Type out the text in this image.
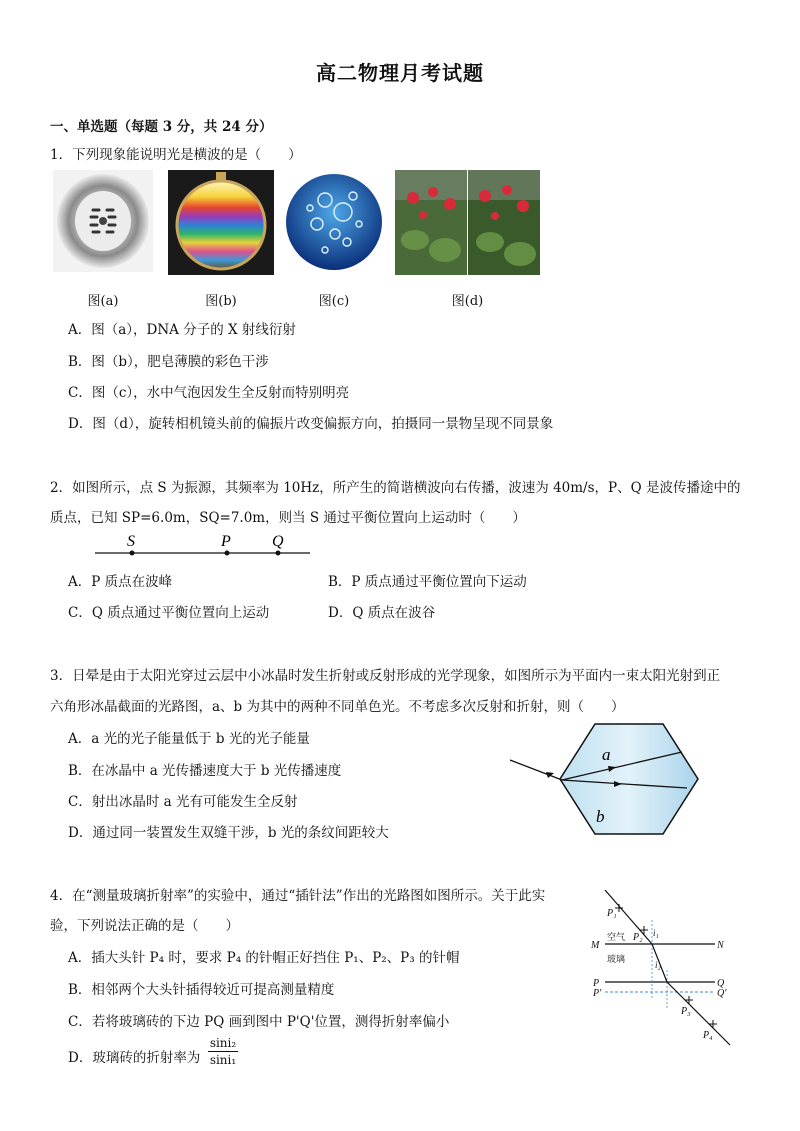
高二物理月考试题
一、单选题（每题 3 分，共 24 分）
1．下列现象能说明光是横波的是（　　）
图(a)	图(b)	图(c)	图(d)
A．图（a），DNA 分子的 X 射线衍射
B．图（b），肥皂薄膜的彩色干涉
C．图（c），水中气泡因发生全反射而特别明亮
D．图（d），旋转相机镜头前的偏振片改变偏振方向，拍摄同一景物呈现不同景象
2．如图所示，点 S 为振源，其频率为 10Hz，所产生的简谐横波向右传播，波速为 40m/s，P、Q 是波传播途中的
质点，已知 SP=6.0m，SQ=7.0m，则当 S 通过平衡位置向上运动时（　　）
S	P	Q
A．P 质点在波峰	B．P 质点通过平衡位置向下运动
C．Q 质点通过平衡位置向上运动	D．Q 质点在波谷
3．日晕是由于太阳光穿过云层中小冰晶时发生折射或反射形成的光学现象，如图所示为平面内一束太阳光射到正
六角形冰晶截面的光路图，a、b 为其中的两种不同单色光。不考虑多次反射和折射，则（　　）
A．a 光的光子能量低于 b 光的光子能量
B．在冰晶中 a 光传播速度大于 b 光传播速度
C．射出冰晶时 a 光有可能发生全反射
D．通过同一装置发生双缝干涉，b 光的条纹间距较大
a
b
4．在“测量玻璃折射率”的实验中，通过“插针法”作出的光路图如图所示。关于此实
验，下列说法正确的是（　　）
A．插大头针 P₄ 时，要求 P₄ 的针帽正好挡住 P₁、P₂、P₃ 的针帽
B．相邻两个大头针插得较近可提高测量精度
C．若将玻璃砖的下边 PQ 画到图中 P'Q'位置，测得折射率偏小
D．玻璃砖的折射率为 $\frac{\text{sini₂}}{\text{sini₁}}$
P₁
P₂ i₁
M
空气
N
玻璃
i₂
P
P'
Q
Q'
P₃
P₄
